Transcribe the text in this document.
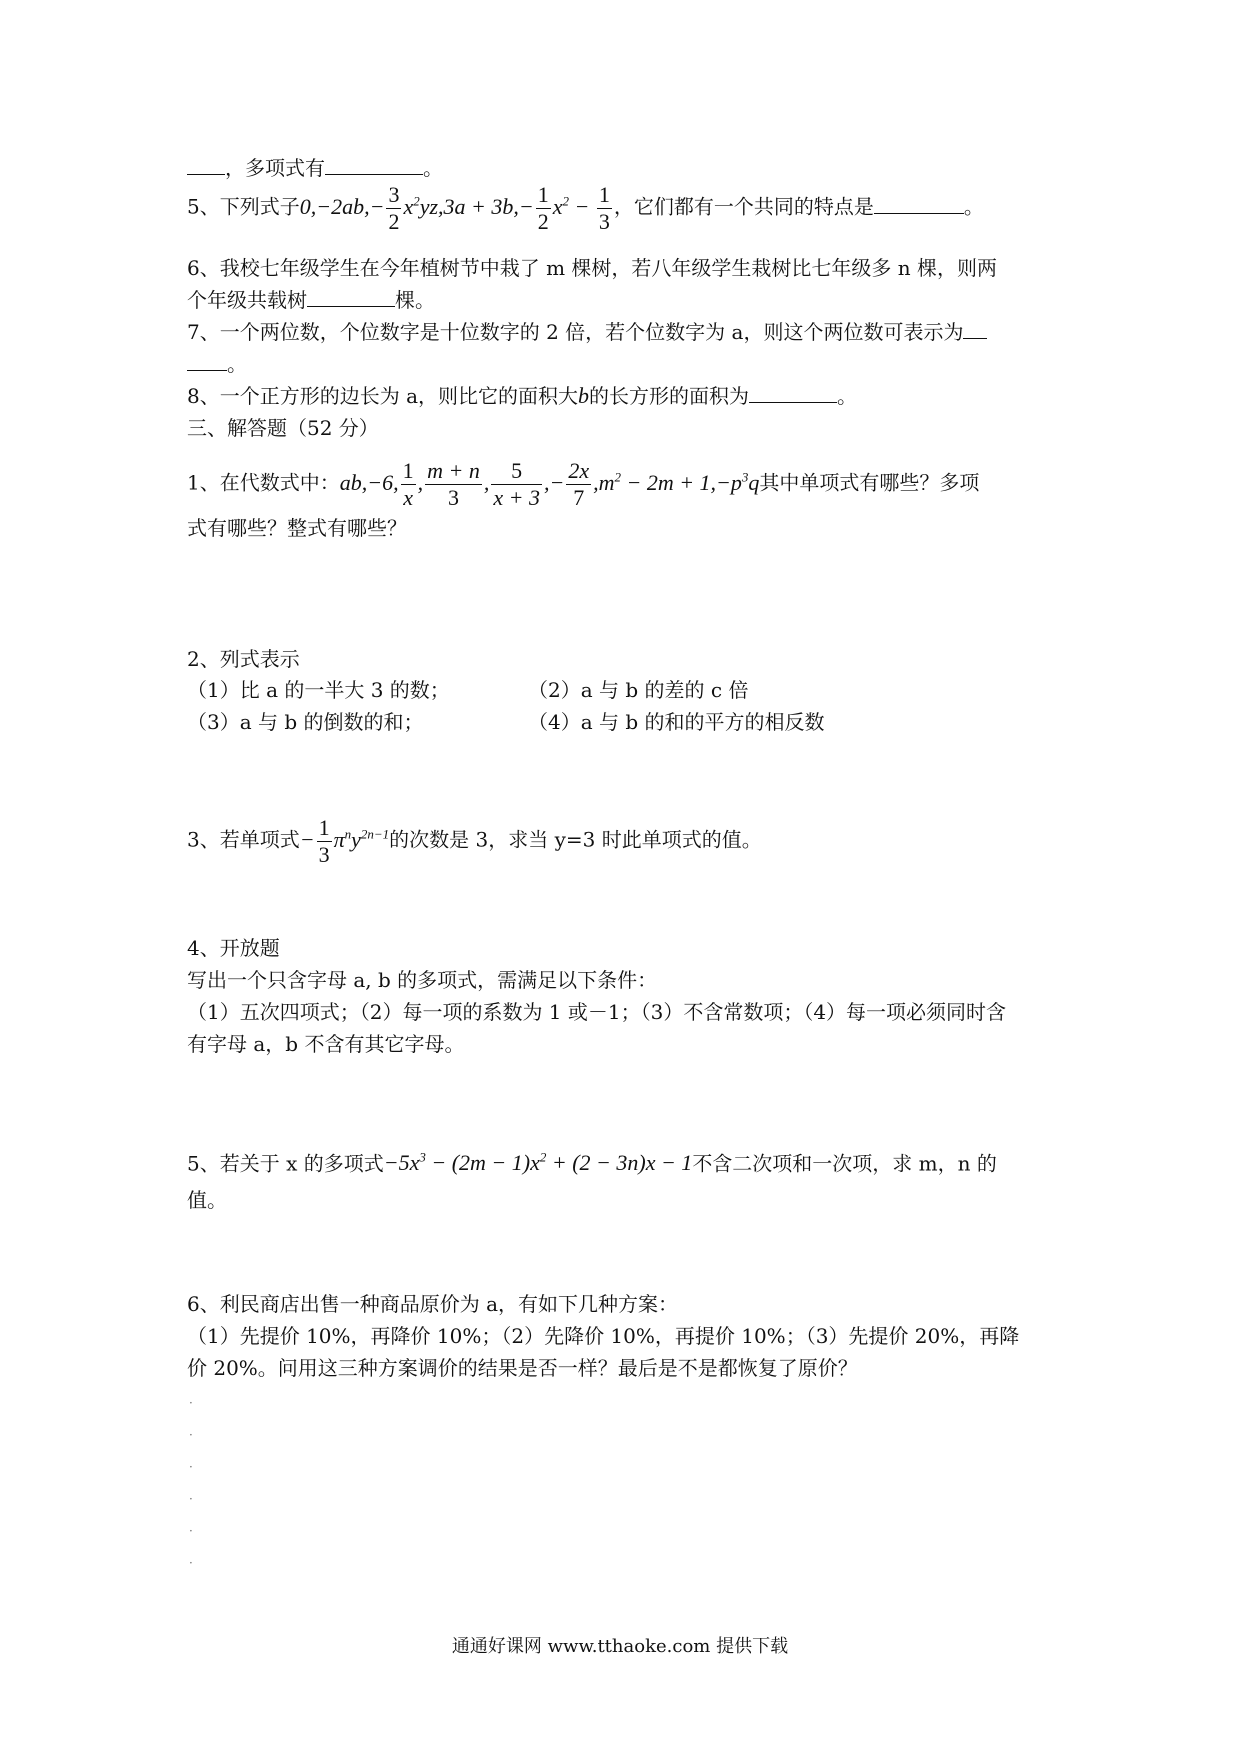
，多项式有	。
5、下列式子$0,-2ab,- \frac{3}{2} x^2yz,3a + 3b,- \frac{1}{2} x^2 - \frac{1}{3}$ ，它们都有一个共同的特点是	。
6、我校七年级学生在今年植树节中栽了 m 棵树，若八年级学生栽树比七年级多 n 棵，则两
个年级共载树	棵。
7、一个两位数，个位数字是十位数字的 2 倍，若个位数字为 a，则这个两位数可表示为
。
8、一个正方形的边长为 a，则比它的面积大b的长方形的面积为	。
三、解答题（52 分）
1、在代数式中：ab,−6, $\frac{1}{x}$ , $\frac{m + n}{3}$ , $\frac{5}{x + 3}$ ,− $\frac{2x}{7} ,m^2 - 2m + 1,-p^3q$其中单项式有哪些？多项
式有哪些？整式有哪些？
2、列式表示
（1）比 a 的一半大 3 的数；	（2）a 与 b 的差的 c 倍
（3）a 与 b 的倒数的和；	（4）a 与 b 的和的平方的相反数
3、若单项式− $\frac{1}{3} \pi^ny^{2n-1}$的次数是 3，求当 y=3 时此单项式的值。
4、开放题
写出一个只含字母 a, b 的多项式，需满足以下条件：
（1）五次四项式；（2）每一项的系数为 1 或－1；（3）不含常数项；（4）每一项必须同时含
有字母 a，b 不含有其它字母。
5、若关于 x 的多项式$-5x^3 - (2m - 1)x^2 + (2 - 3n)x - 1$不含二次项和一次项，求 m，n 的
值。
6、利民商店出售一种商品原价为 a，有如下几种方案：
（1）先提价 10%，再降价 10%；（2）先降价 10%，再提价 10%；（3）先提价 20%，再降
价 20%。问用这三种方案调价的结果是否一样？最后是不是都恢复了原价？
·
·
·
·
·
·
通通好课网 www.tthaoke.com 提供下载
